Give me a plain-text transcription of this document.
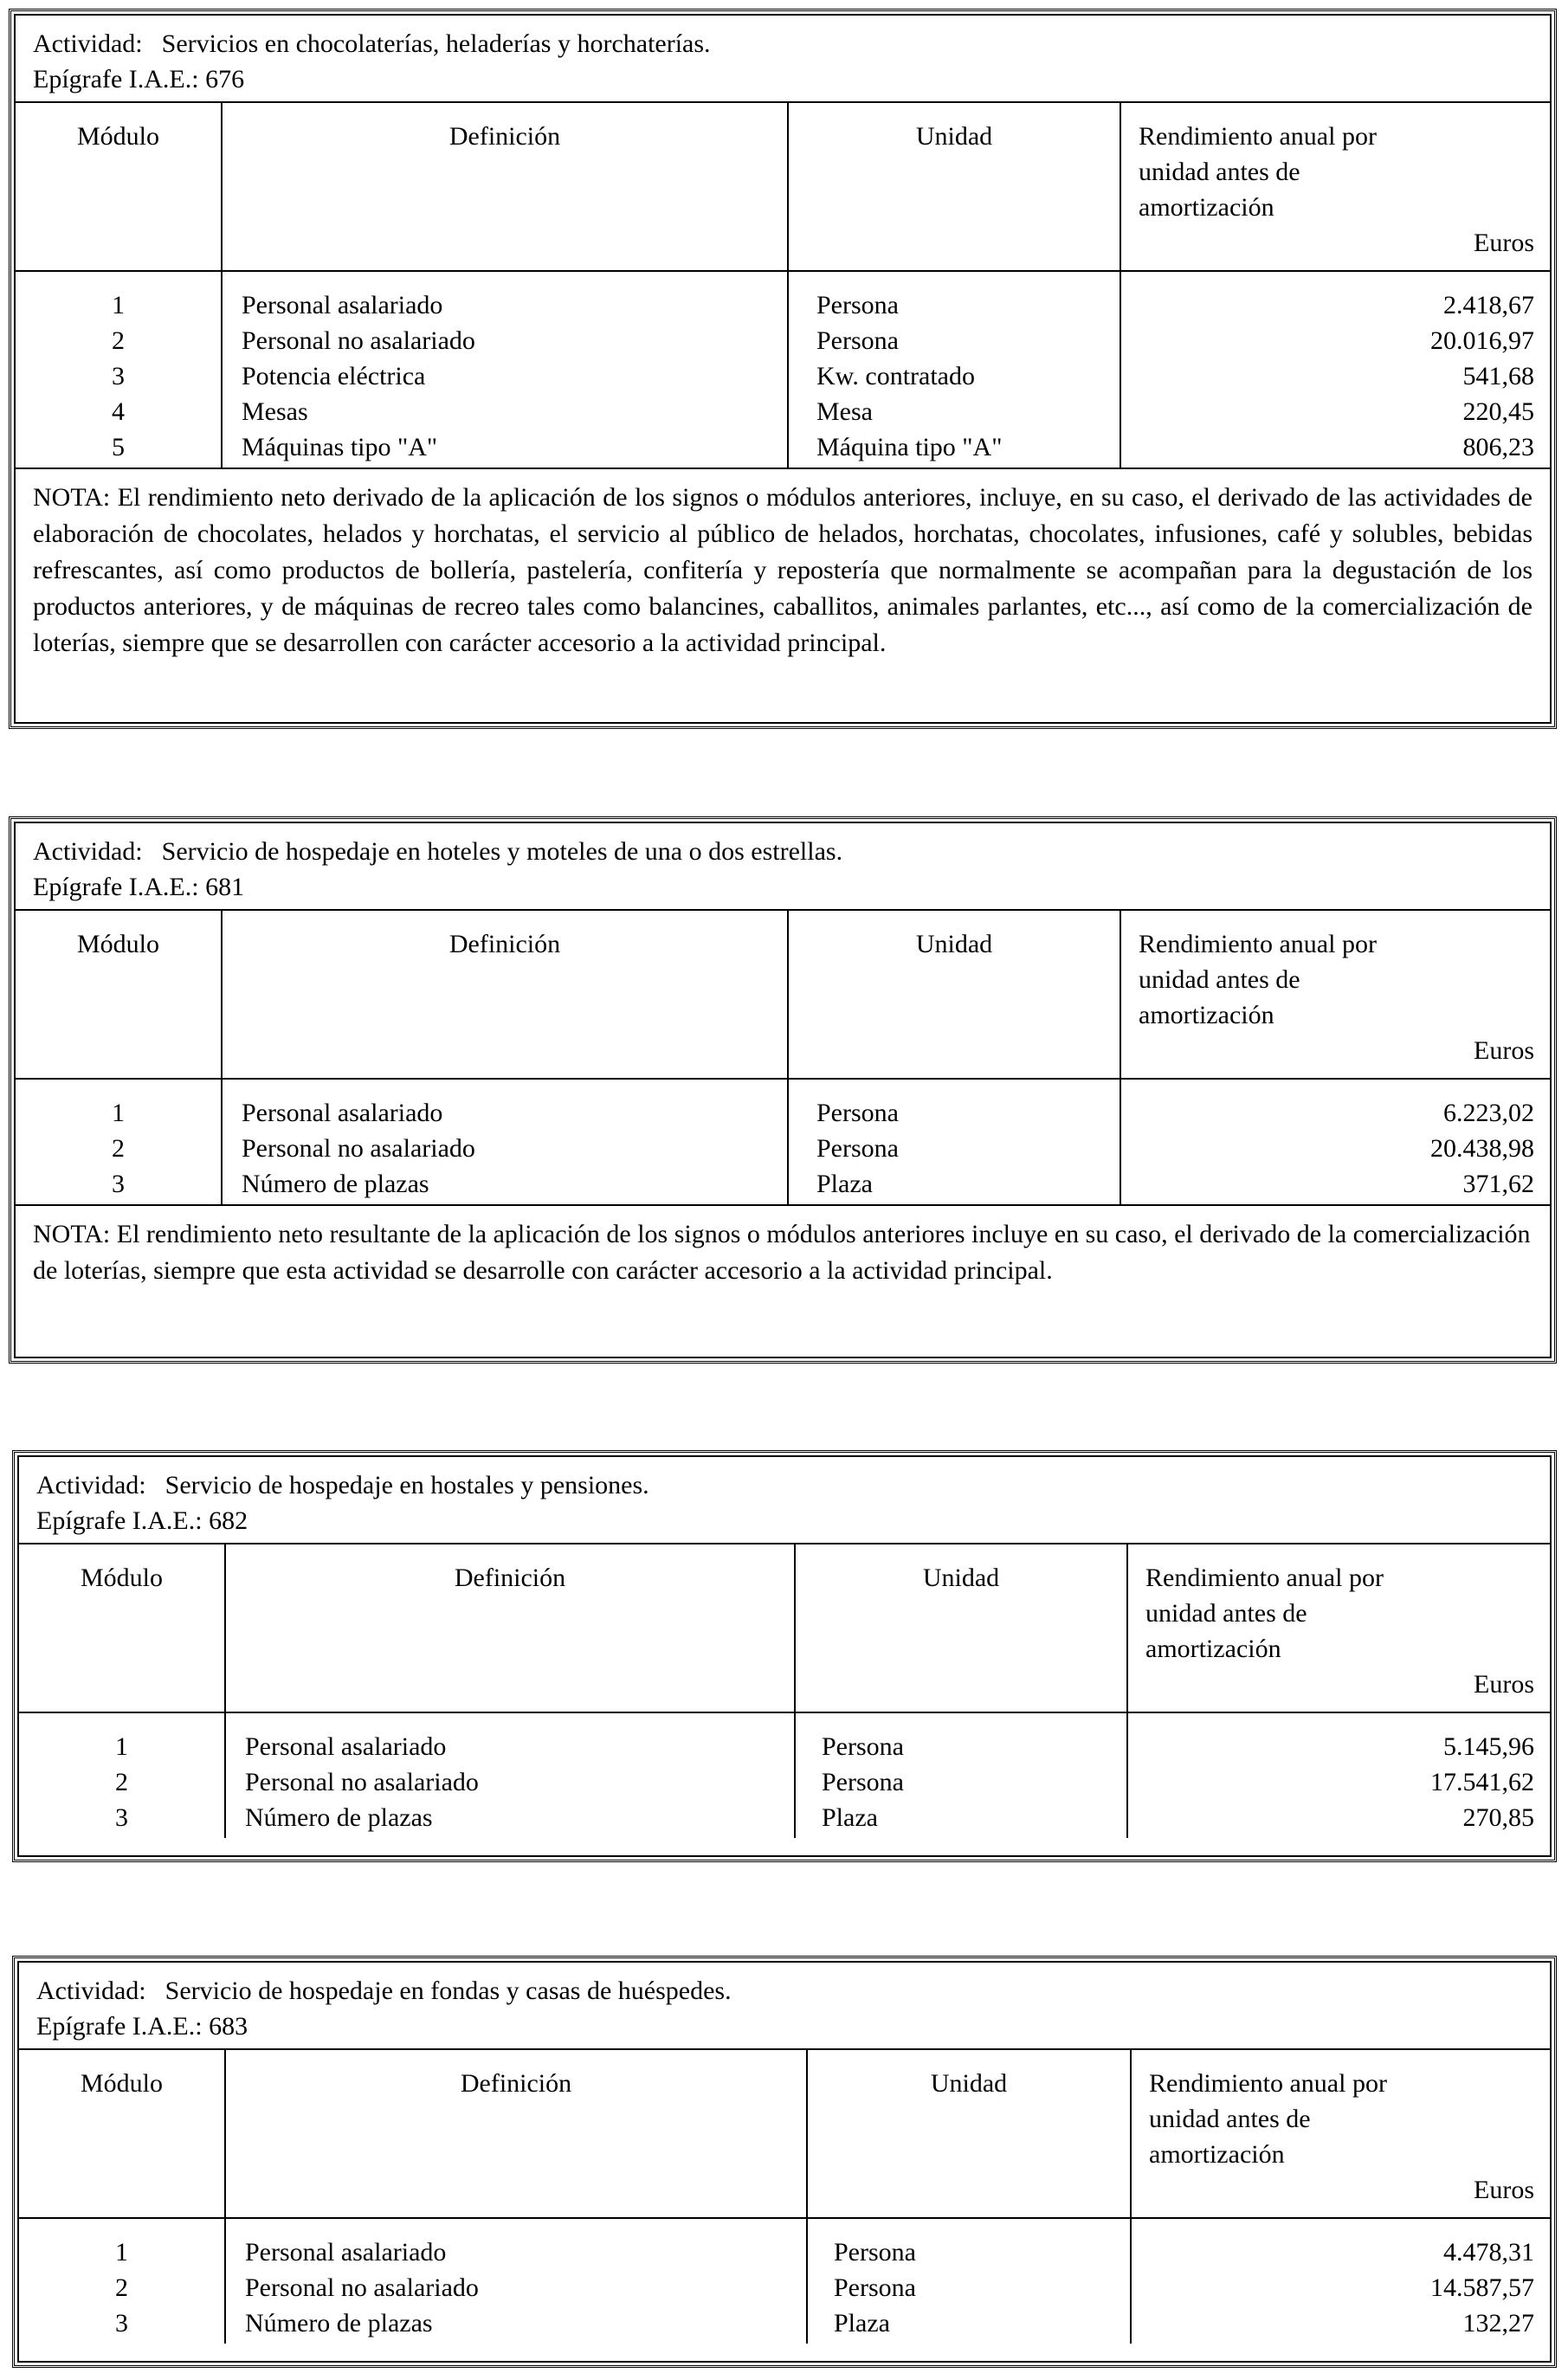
Actividad: Servicios en chocolaterías, heladerías y horchaterías.
Epígrafe I.A.E.: 676
Módulo	Definición	Unidad	Rendimiento anual por unidad antes de amortización
Euros

1	Personal asalariado	Persona	2.418,67
2	Personal no asalariado	Persona	20.016,97
3	Potencia eléctrica	Kw. contratado	541,68
4	Mesas	Mesa	220,45
5	Máquinas tipo "A"	Máquina tipo "A"	806,23
NOTA: El rendimiento neto derivado de la aplicación de los signos o módulos anteriores, incluye, en su caso, el derivado de las actividades de elaboración de chocolates, helados y horchatas, el servicio al público de helados, horchatas, chocolates, infusiones, café y solubles, bebidas refrescantes, así como productos de bollería, pastelería, confitería y repostería que normalmente se acompañan para la degustación de los productos anteriores, y de máquinas de recreo tales como balancines, caballitos, animales parlantes, etc..., así como de la comercialización de loterías, siempre que se desarrollen con carácter accesorio a la actividad principal.
Actividad: Servicio de hospedaje en hoteles y moteles de una o dos estrellas.
Epígrafe I.A.E.: 681
Módulo	Definición	Unidad	Rendimiento anual por unidad antes de amortización
Euros

1	Personal asalariado	Persona	6.223,02
2	Personal no asalariado	Persona	20.438,98
3	Número de plazas	Plaza	371,62
NOTA: El rendimiento neto resultante de la aplicación de los signos o módulos anteriores incluye en su caso, el derivado de la comercialización de loterías, siempre que esta actividad se desarrolle con carácter accesorio a la actividad principal.
Actividad: Servicio de hospedaje en hostales y pensiones.
Epígrafe I.A.E.: 682
Módulo	Definición	Unidad	Rendimiento anual por unidad antes de amortización
Euros

1	Personal asalariado	Persona	5.145,96
2	Personal no asalariado	Persona	17.541,62
3	Número de plazas	Plaza	270,85
Actividad: Servicio de hospedaje en fondas y casas de huéspedes.
Epígrafe I.A.E.: 683
Módulo	Definición	Unidad	Rendimiento anual por unidad antes de amortización
Euros

1	Personal asalariado	Persona	4.478,31
2	Personal no asalariado	Persona	14.587,57
3	Número de plazas	Plaza	132,27
